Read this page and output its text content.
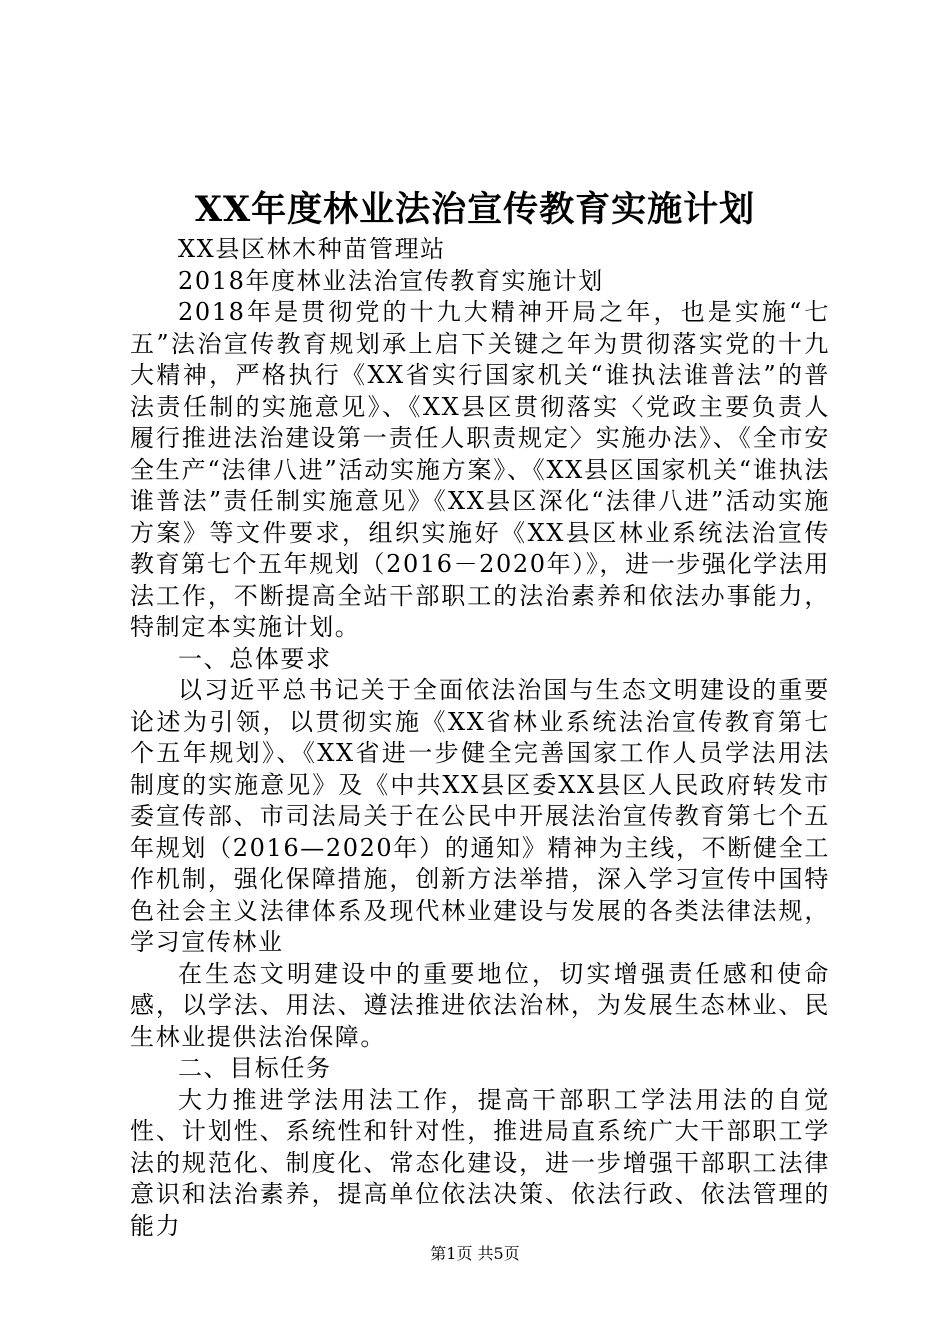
XX年度林业法治宣传教育实施计划

XX县区林木种苗管理站

2018年度林业法治宣传教育实施计划

2018年是贯彻党的十九大精神开局之年，也是实施“七五”法治宣传教育规划承上启下关键之年为贯彻落实党的十九大精神，严格执行《XX省实行国家机关“谁执法谁普法”的普法责任制的实施意见》、《XX县区贯彻落实〈党政主要负责人履行推进法治建设第一责任人职责规定〉实施办法》、《全市安全生产“法律八进”活动实施方案》、《XX县区国家机关“谁执法谁普法”责任制实施意见》《XX县区深化“法律八进”活动实施方案》等文件要求，组织实施好《XX县区林业系统法治宣传教育第七个五年规划（2016－2020年）》，进一步强化学法用法工作，不断提高全站干部职工的法治素养和依法办事能力，特制定本实施计划。

一、总体要求

以习近平总书记关于全面依法治国与生态文明建设的重要论述为引领，以贯彻实施《XX省林业系统法治宣传教育第七个五年规划》、《XX省进一步健全完善国家工作人员学法用法制度的实施意见》及《中共XX县区委XX县区人民政府转发市委宣传部、市司法局关于在公民中开展法治宣传教育第七个五年规划（2016—2020年）的通知》精神为主线，不断健全工作机制，强化保障措施，创新方法举措，深入学习宣传中国特色社会主义法律体系及现代林业建设与发展的各类法律法规，学习宣传林业

在生态文明建设中的重要地位，切实增强责任感和使命感，以学法、用法、遵法推进依法治林，为发展生态林业、民生林业提供法治保障。

二、目标任务

大力推进学法用法工作，提高干部职工学法用法的自觉性、计划性、系统性和针对性，推进局直系统广大干部职工学法的规范化、制度化、常态化建设，进一步增强干部职工法律意识和法治素养，提高单位依法决策、依法行政、依法管理的能力

第1页 共5页
